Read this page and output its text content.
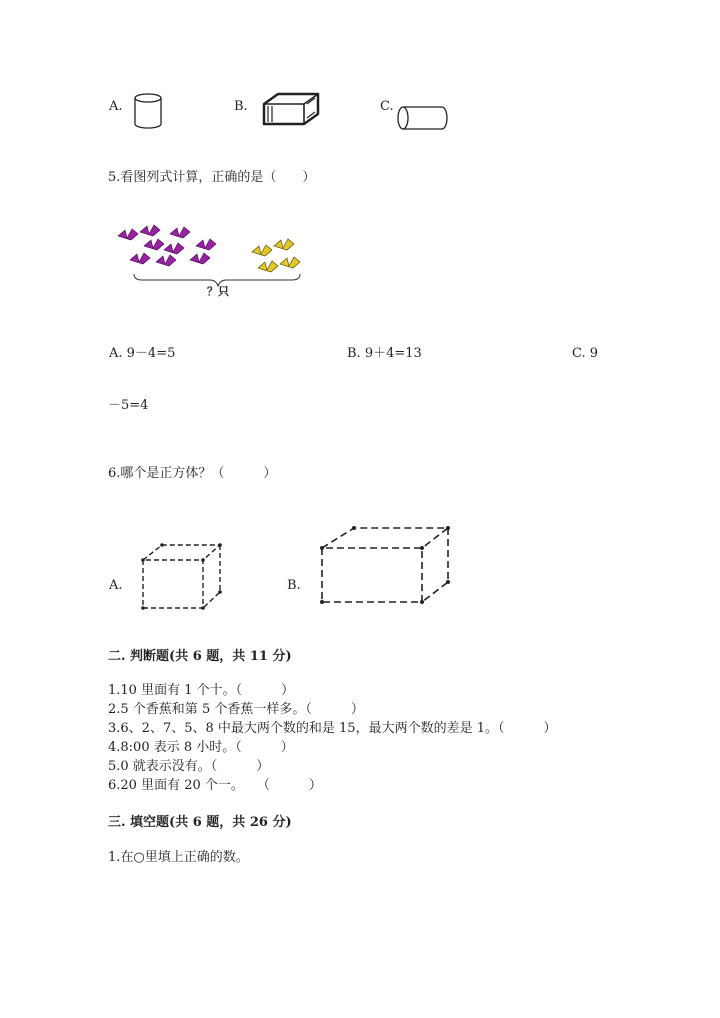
A.	B.	C.
5.看图列式计算，正确的是（　　）
？只
A. 9－4=5	B. 9＋4=13	C. 9
－5=4
6.哪个是正方体？（　　　）
A.	B.
二. 判断题(共 6 题，共 11 分)
1.10 里面有 1 个十。（　　　）
2.5 个香蕉和第 5 个香蕉一样多。（　　　）
3.6、2、7、5、8 中最大两个数的和是 15，最大两个数的差是 1。（　　　）
4.8:00 表示 8 小时。（　　　）
5.0 就表示没有。（　　　）
6.20 里面有 20 个一。　　（　　　）
三. 填空题(共 6 题，共 26 分)
1.在○里填上正确的数。
